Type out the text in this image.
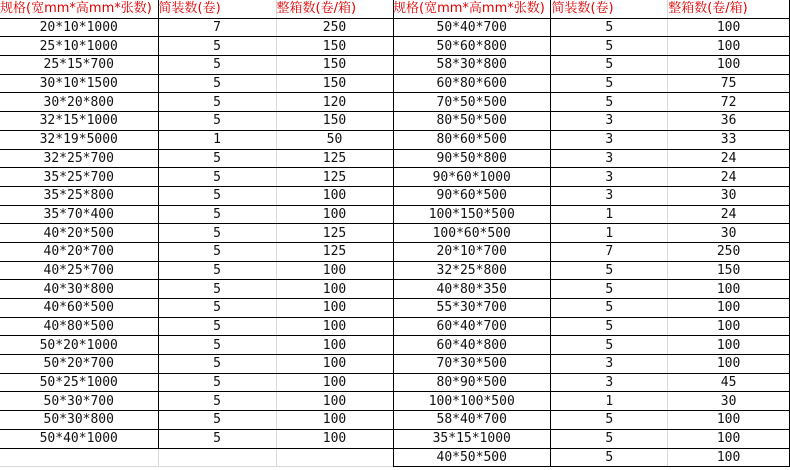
规格(宽mm*高mm*张数)	简装数(卷)	整箱数(卷/箱)
20*10*1000	7	250
25*10*1000	5	150
25*15*700	5	150
30*10*1500	5	150
30*20*800	5	120
32*15*1000	5	150
32*19*5000	1	50
32*25*700	5	125
35*25*700	5	125
35*25*800	5	100
35*70*400	5	100
40*20*500	5	125
40*20*700	5	125
40*25*700	5	100
40*30*800	5	100
40*60*500	5	100
40*80*500	5	100
50*20*1000	5	100
50*20*700	5	100
50*25*1000	5	100
50*30*700	5	100
50*30*800	5	100
50*40*1000	5	100

规格(宽mm*高mm*张数)	简装数(卷)	整箱数(卷/箱)
50*40*700	5	100
50*60*800	5	100
58*30*800	5	100
60*80*600	5	75
70*50*500	5	72
80*50*500	3	36
80*60*500	3	33
90*50*800	3	24
90*60*1000	3	24
90*60*500	3	30
100*150*500	1	24
100*60*500	1	30
20*10*700	7	250
32*25*800	5	150
40*80*350	5	100
55*30*700	5	100
60*40*700	5	100
60*40*800	5	100
70*30*500	3	100
80*90*500	3	45
100*100*500	1	30
58*40*700	5	100
35*15*1000	5	100
40*50*500	5	100
